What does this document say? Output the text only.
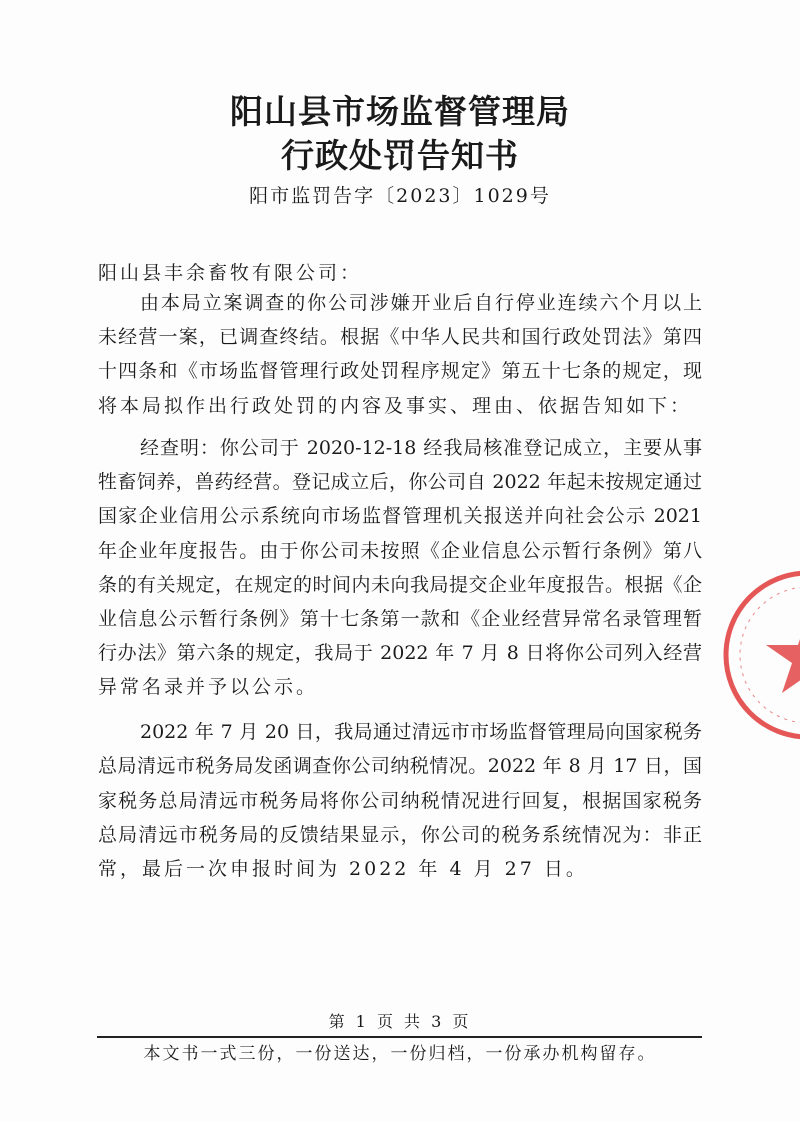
阳山县市场监督管理局
行政处罚告知书
阳市监罚告字〔2023〕1029号
阳山县丰余畜牧有限公司：
由本局立案调查的你公司涉嫌开业后自行停业连续六个月以上
未经营一案，已调查终结。根据《中华人民共和国行政处罚法》第四
十四条和《市场监督管理行政处罚程序规定》第五十七条的规定，现
将本局拟作出行政处罚的内容及事实、理由、依据告知如下：
经查明：你公司于 2020-12-18 经我局核准登记成立，主要从事
牲畜饲养，兽药经营。登记成立后，你公司自 2022 年起未按规定通过
国家企业信用公示系统向市场监督管理机关报送并向社会公示 2021
年企业年度报告。由于你公司未按照《企业信息公示暂行条例》第八
条的有关规定，在规定的时间内未向我局提交企业年度报告。根据《企
业信息公示暂行条例》第十七条第一款和《企业经营异常名录管理暂
行办法》第六条的规定，我局于 2022 年 7 月 8 日将你公司列入经营
异常名录并予以公示。
2022 年 7 月 20 日，我局通过清远市市场监督管理局向国家税务
总局清远市税务局发函调查你公司纳税情况。2022 年 8 月 17 日，国
家税务总局清远市税务局将你公司纳税情况进行回复，根据国家税务
总局清远市税务局的反馈结果显示，你公司的税务系统情况为：非正
常，最后一次申报时间为 2022 年 4 月 27 日。
第 1 页 共 3 页
本文书一式三份，一份送达，一份归档，一份承办机构留存。
